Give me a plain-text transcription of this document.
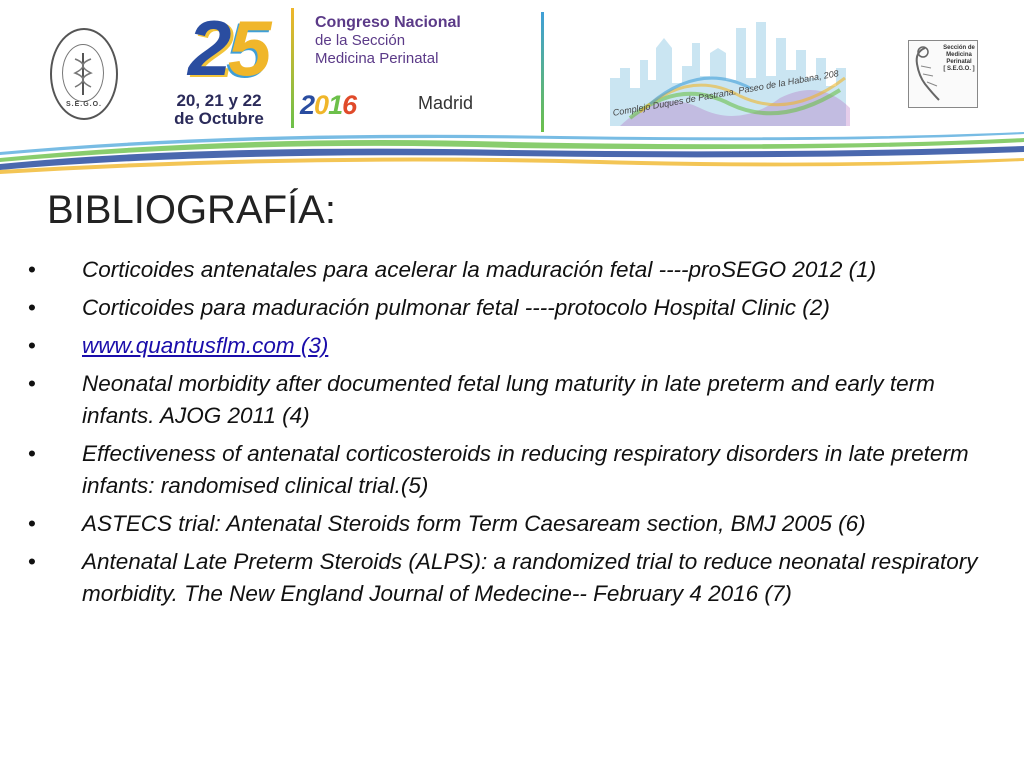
S.E.G.O.
2 5
20, 21 y 22
de Octubre
Congreso Nacional
de la Sección
Medicina Perinatal
2016	Madrid	Complejo Duques de Pastrana. Paseo de la Habana, 208
Sección de
Medicina
Perinatal
[ S.E.G.O. ]
BIBLIOGRAFÍA:
• Corticoides antenatales para acelerar la maduración fetal ----proSEGO 2012 (1)
• Corticoides para maduración pulmonar fetal ----protocolo Hospital Clinic (2)
• www.quantusflm.com (3)
• Neonatal morbidity after documented fetal lung maturity in late preterm and early term infants. AJOG 2011 (4)
• Effectiveness of antenatal corticosteroids in reducing respiratory disorders in late preterm infants: randomised clinical trial.(5)
• ASTECS trial: Antenatal Steroids form Term Caesaream section, BMJ 2005 (6)
• Antenatal Late Preterm Steroids (ALPS): a randomized trial to reduce neonatal respiratory morbidity. The New England Journal of Medecine-- February 4 2016 (7)
